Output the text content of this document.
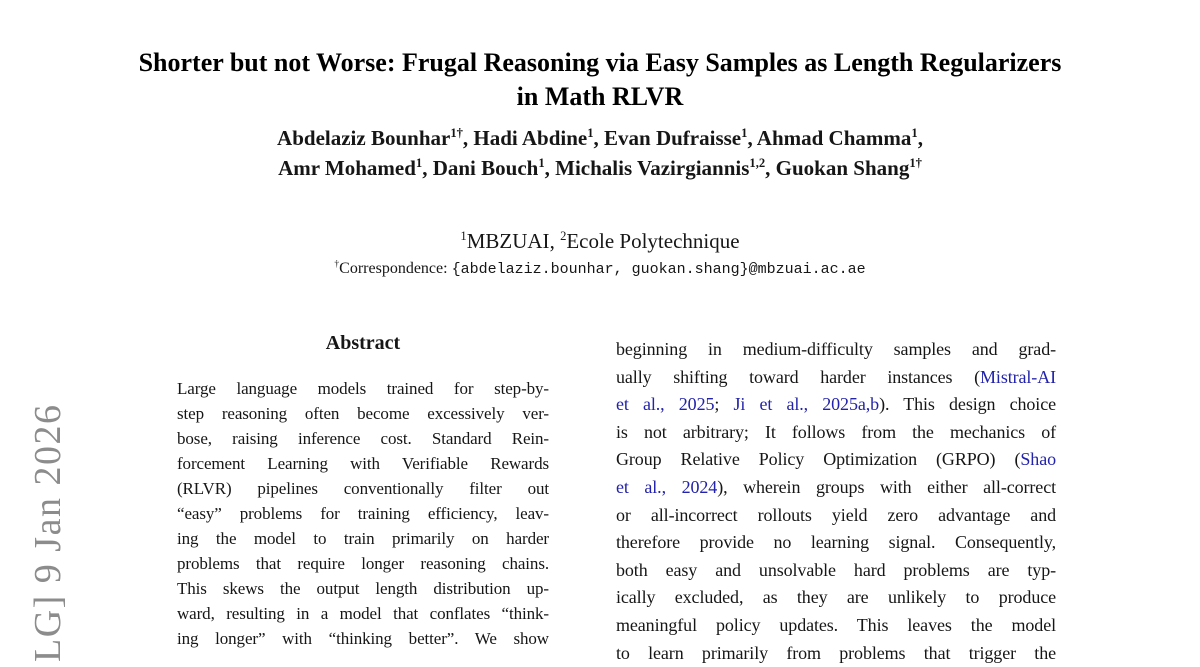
LG] 9 Jan 2026
Shorter but not Worse: Frugal Reasoning via Easy Samples as Length Regularizers in Math RLVR
Abdelaziz Bounhar$^{1\dagger}$, Hadi Abdine$^1$, Evan Dufraisse$^1$, Ahmad Chamma$^1$,
Amr Mohamed$^1$, Dani Bouch$^1$, Michalis Vazirgiannis$^{1,2}$, Guokan Shang$^{1\dagger}$
$^1$MBZUAI, $^2$Ecole Polytechnique
†Correspondence: {abdelaziz.bounhar, guokan.shang}@mbzuai.ac.ae
Abstract
Large language models trained for step-by-
step reasoning often become excessively ver-
bose, raising inference cost. Standard Rein-
forcement Learning with Verifiable Rewards
(RLVR) pipelines conventionally filter out
“easy” problems for training efficiency, leav-
ing the model to train primarily on harder
problems that require longer reasoning chains.
This skews the output length distribution up-
ward, resulting in a model that conflates “think-
ing longer” with “thinking better”. We show
beginning in medium-difficulty samples and grad-
ually shifting toward harder instances (Mistral-AI
et al., 2025; Ji et al., 2025a,b). This design choice
is not arbitrary; It follows from the mechanics of
Group Relative Policy Optimization (GRPO) (Shao
et al., 2024), wherein groups with either all-correct
or all-incorrect rollouts yield zero advantage and
therefore provide no learning signal. Consequently,
both easy and unsolvable hard problems are typ-
ically excluded, as they are unlikely to produce
meaningful policy updates. This leaves the model
to learn primarily from problems that trigger the
